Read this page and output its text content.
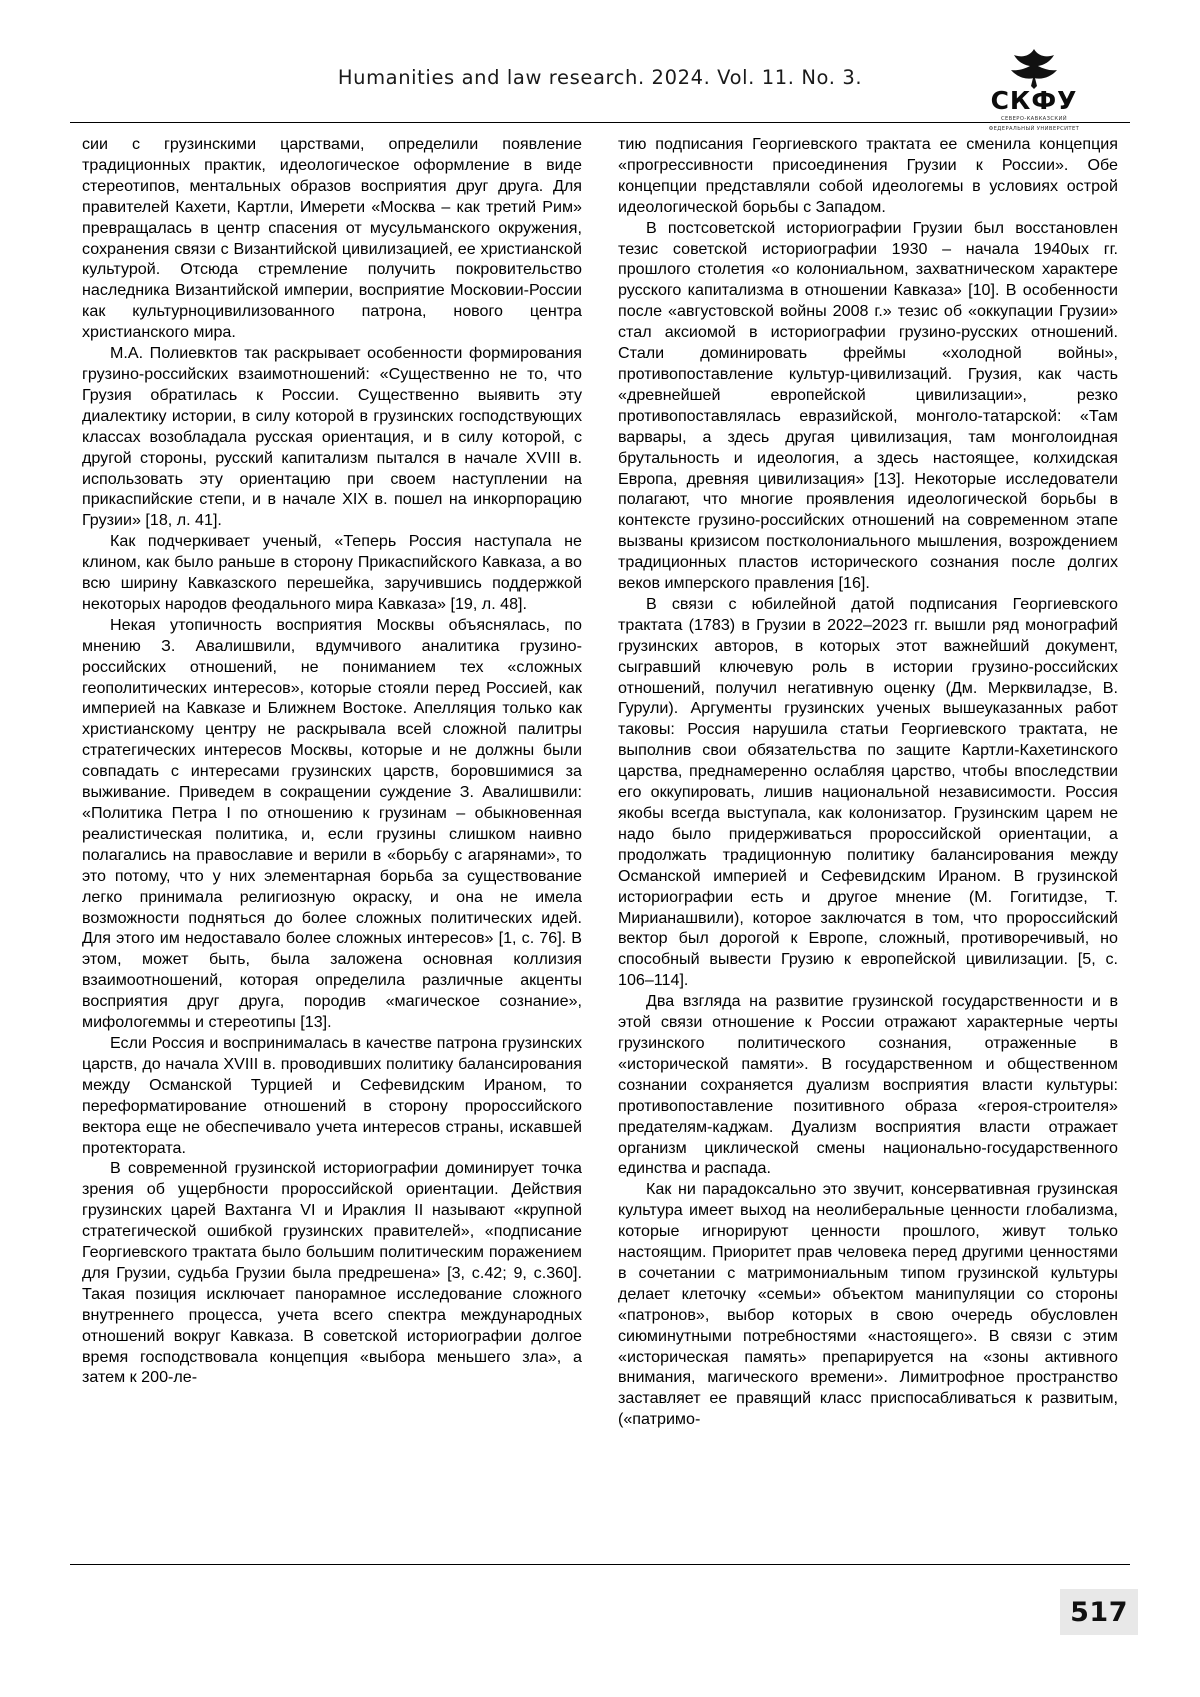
Humanities and law research. 2024. Vol. 11. No. 3.
СКФУ
СЕВЕРО-КАВКАЗСКИЙ
ФЕДЕРАЛЬНЫЙ УНИВЕРСИТЕТ

сии с грузинскими царствами, определили появление традиционных практик, идеологическое оформление в виде стереотипов, ментальных образов восприятия друг друга. Для правителей Кахети, Картли, Имерети «Москва – как третий Рим» превращалась в центр спасения от мусульманского окружения, сохранения связи с Византийской цивилизацией, ее христианской культурой. Отсюда стремление получить покровительство наследника Византийской империи, восприятие Московии-России как культурноцивилизованного патрона, нового центра христианского мира.

М.А. Полиевктов так раскрывает особенности формирования грузино-российских взаимотношений: «Существенно не то, что Грузия обратилась к России. Существенно выявить эту диалектику истории, в силу которой в грузинских господствующих классах возобладала русская ориентация, и в силу которой, с другой стороны, русский капитализм пытался в начале XVIII в. использовать эту ориентацию при своем наступлении на прикаспийские степи, и в начале XIX в. пошел на инкорпорацию Грузии» [18, л. 41].

Как подчеркивает ученый, «Теперь Россия наступала не клином, как было раньше в сторону Прикаспийского Кавказа, а во всю ширину Кавказского перешейка, заручившись поддержкой некоторых народов феодального мира Кавказа» [19, л. 48].

Некая утопичность восприятия Москвы объяснялась, по мнению З. Авалишвили, вдумчивого аналитика грузино-российских отношений, не пониманием тех «сложных геополитических интересов», которые стояли перед Россией, как империей на Кавказе и Ближнем Востоке. Апелляция только как христианскому центру не раскрывала всей сложной палитры стратегических интересов Москвы, которые и не должны были совпадать с интересами грузинских царств, боровшимися за выживание. Приведем в сокращении суждение З. Авалишвили: «Политика Петра I по отношению к грузинам – обыкновенная реалистическая политика, и, если грузины слишком наивно полагались на православие и верили в «борьбу с агарянами», то это потому, что у них элементарная борьба за существование легко принимала религиозную окраску, и она не имела возможности подняться до более сложных политических идей. Для этого им недоставало более сложных интересов» [1, с. 76]. В этом, может быть, была заложена основная коллизия взаимоотношений, которая определила различные акценты восприятия друг друга, породив «магическое сознание», мифологеммы и стереотипы [13].

Если Россия и воспринималась в качестве патрона грузинских царств, до начала XVIII в. проводивших политику балансирования между Османской Турцией и Сефевидским Ираном, то переформатирование отношений в сторону пророссийского вектора еще не обеспечивало учета интересов страны, искавшей протектората.

В современной грузинской историографии доминирует точка зрения об ущербности пророссийской ориентации. Действия грузинских царей Вахтанга VI и Ираклия II называют «крупной стратегической ошибкой грузинских правителей», «подписание Георгиевского трактата было большим политическим поражением для Грузии, судьба Грузии была предрешена» [3, с.42; 9, с.360]. Такая позиция исключает панорамное исследование сложного внутреннего процесса, учета всего спектра международных отношений вокруг Кавказа. В советской историографии долгое время господствовала концепция «выбора меньшего зла», а затем к 200-ле-

тию подписания Георгиевского трактата ее сменила концепция «прогрессивности присоединения Грузии к России». Обе концепции представляли собой идеологемы в условиях острой идеологической борьбы с Западом.

В постсоветской историографии Грузии был восстановлен тезис советской историографии 1930 – начала 1940ых гг. прошлого столетия «о колониальном, захватническом характере русского капитализма в отношении Кавказа» [10]. В особенности после «августовской войны 2008 г.» тезис об «оккупации Грузии» стал аксиомой в историографии грузино-русских отношений. Стали доминировать фреймы «холодной войны», противопоставление культур-цивилизаций. Грузия, как часть «древнейшей европейской цивилизации», резко противопоставлялась евразийской, монголо-татарской: «Там варвары, а здесь другая цивилизация, там монголоидная брутальность и идеология, а здесь настоящее, колхидская Европа, древняя цивилизация» [13]. Некоторые исследователи полагают, что многие проявления идеологической борьбы в контексте грузино-российских отношений на современном этапе вызваны кризисом постколониального мышления, возрождением традиционных пластов исторического сознания после долгих веков имперского правления [16].

В связи с юбилейной датой подписания Георгиевского трактата (1783) в Грузии в 2022–2023 гг. вышли ряд монографий грузинских авторов, в которых этот важнейший документ, сыгравший ключевую роль в истории грузино-российских отношений, получил негативную оценку (Дм. Мерквиладзе, В. Гурули). Аргументы грузинских ученых вышеуказанных работ таковы: Россия нарушила статьи Георгиевского трактата, не выполнив свои обязательства по защите Картли-Кахетинского царства, преднамеренно ослабляя царство, чтобы впоследствии его оккупировать, лишив национальной независимости. Россия якобы всегда выступала, как колонизатор. Грузинским царем не надо было придерживаться пророссийской ориентации, а продолжать традиционную политику балансирования между Османской империей и Сефевидским Ираном. В грузинской историографии есть и другое мнение (М. Гогитидзе, Т. Мирианашвили), которое заключатся в том, что пророссийский вектор был дорогой к Европе, сложный, противоречивый, но способный вывести Грузию к европейской цивилизации. [5, с. 106–114].

Два взгляда на развитие грузинской государственности и в этой связи отношение к России отражают характерные черты грузинского политического сознания, отраженные в «исторической памяти». В государственном и общественном сознании сохраняется дуализм восприятия власти культуры: противопоставление позитивного образа «героя-строителя» предателям-каджам. Дуализм восприятия власти отражает организм циклической смены национально-государственного единства и распада.

Как ни парадоксально это звучит, консервативная грузинская культура имеет выход на неолиберальные ценности глобализма, которые игнорируют ценности прошлого, живут только настоящим. Приоритет прав человека перед другими ценностями в сочетании с матримониальным типом грузинской культуры делает клеточку «семьи» объектом манипуляции со стороны «патронов», выбор которых в свою очередь обусловлен сиюминутными потребностями «настоящего». В связи с этим «историческая память» препарируется на «зоны активного внимания, магического времени». Лимитрофное пространство заставляет ее правящий класс приспосабливаться к развитым, («патримо-

517
